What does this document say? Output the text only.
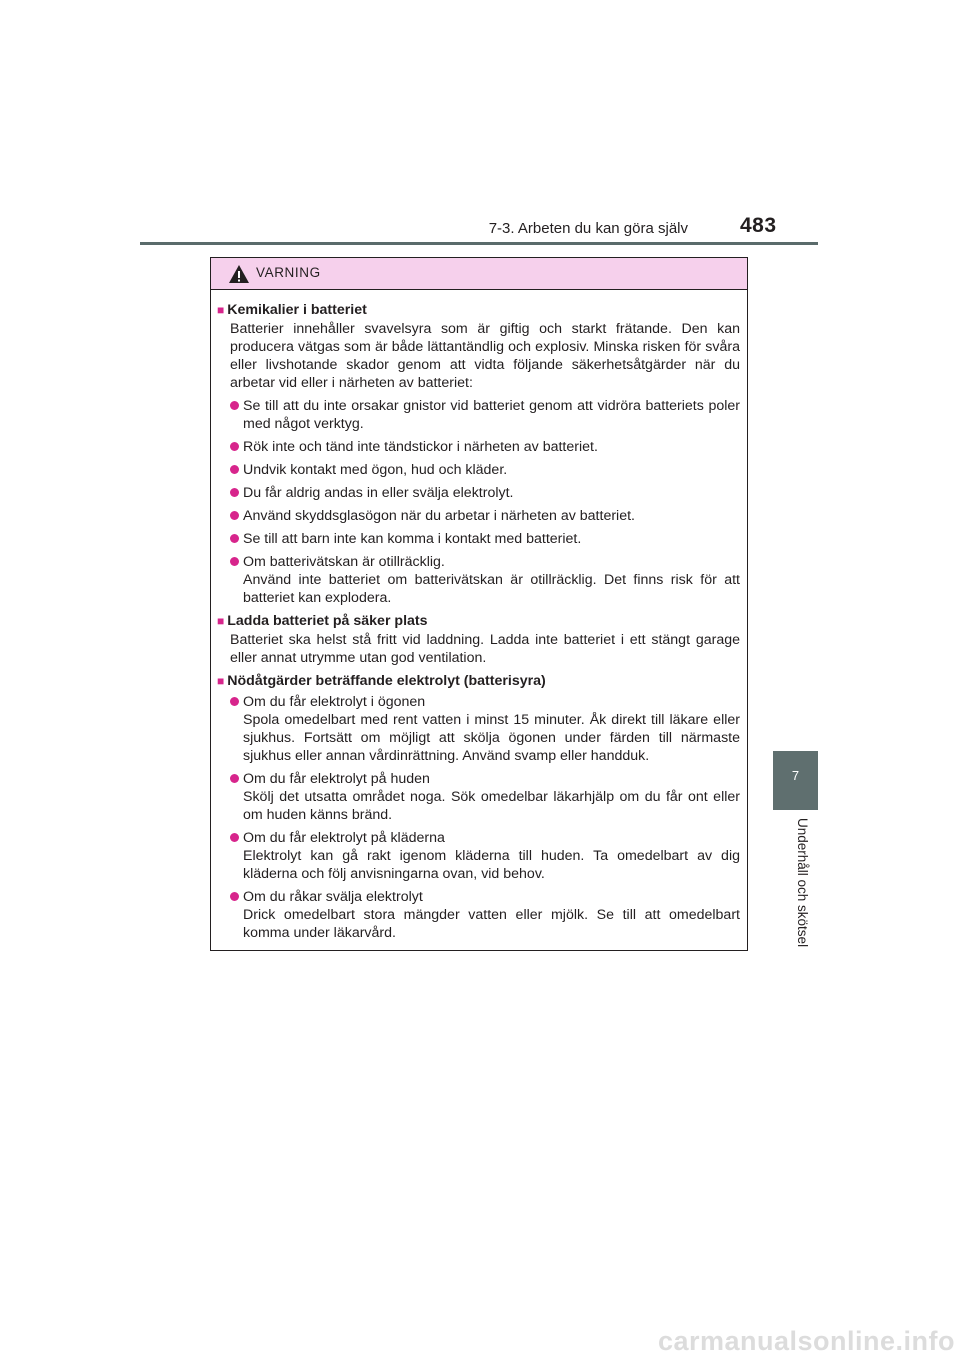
7-3. Arbeten du kan göra själv 483
7
Underhåll och skötsel
VARNING
■ Kemikalier i batteriet
Batterier innehåller svavelsyra som är giftig och starkt frätande. Den kan producera vätgas som är både lättantändlig och explosiv. Minska risken för svåra eller livshotande skador genom att vidta följande säkerhetsåtgärder när du arbetar vid eller i närheten av batteriet:
Se till att du inte orsakar gnistor vid batteriet genom att vidröra batteriets poler med något verktyg.
Rök inte och tänd inte tändstickor i närheten av batteriet.
Undvik kontakt med ögon, hud och kläder.
Du får aldrig andas in eller svälja elektrolyt.
Använd skyddsglasögon när du arbetar i närheten av batteriet.
Se till att barn inte kan komma i kontakt med batteriet.
Om batterivätskan är otillräcklig.
Använd inte batteriet om batterivätskan är otillräcklig. Det finns risk för att batteriet kan explodera.
■ Ladda batteriet på säker plats
Batteriet ska helst stå fritt vid laddning. Ladda inte batteriet i ett stängt garage eller annat utrymme utan god ventilation.
■ Nödåtgärder beträffande elektrolyt (batterisyra)
Om du får elektrolyt i ögonen
Spola omedelbart med rent vatten i minst 15 minuter. Åk direkt till läkare eller sjukhus. Fortsätt om möjligt att skölja ögonen under färden till närmaste sjukhus eller annan vårdinrättning. Använd svamp eller handduk.
Om du får elektrolyt på huden
Skölj det utsatta området noga. Sök omedelbar läkarhjälp om du får ont eller om huden känns bränd.
Om du får elektrolyt på kläderna
Elektrolyt kan gå rakt igenom kläderna till huden. Ta omedelbart av dig kläderna och följ anvisningarna ovan, vid behov.
Om du råkar svälja elektrolyt
Drick omedelbart stora mängder vatten eller mjölk. Se till att omedelbart komma under läkarvård.
carmanualsonline.info
